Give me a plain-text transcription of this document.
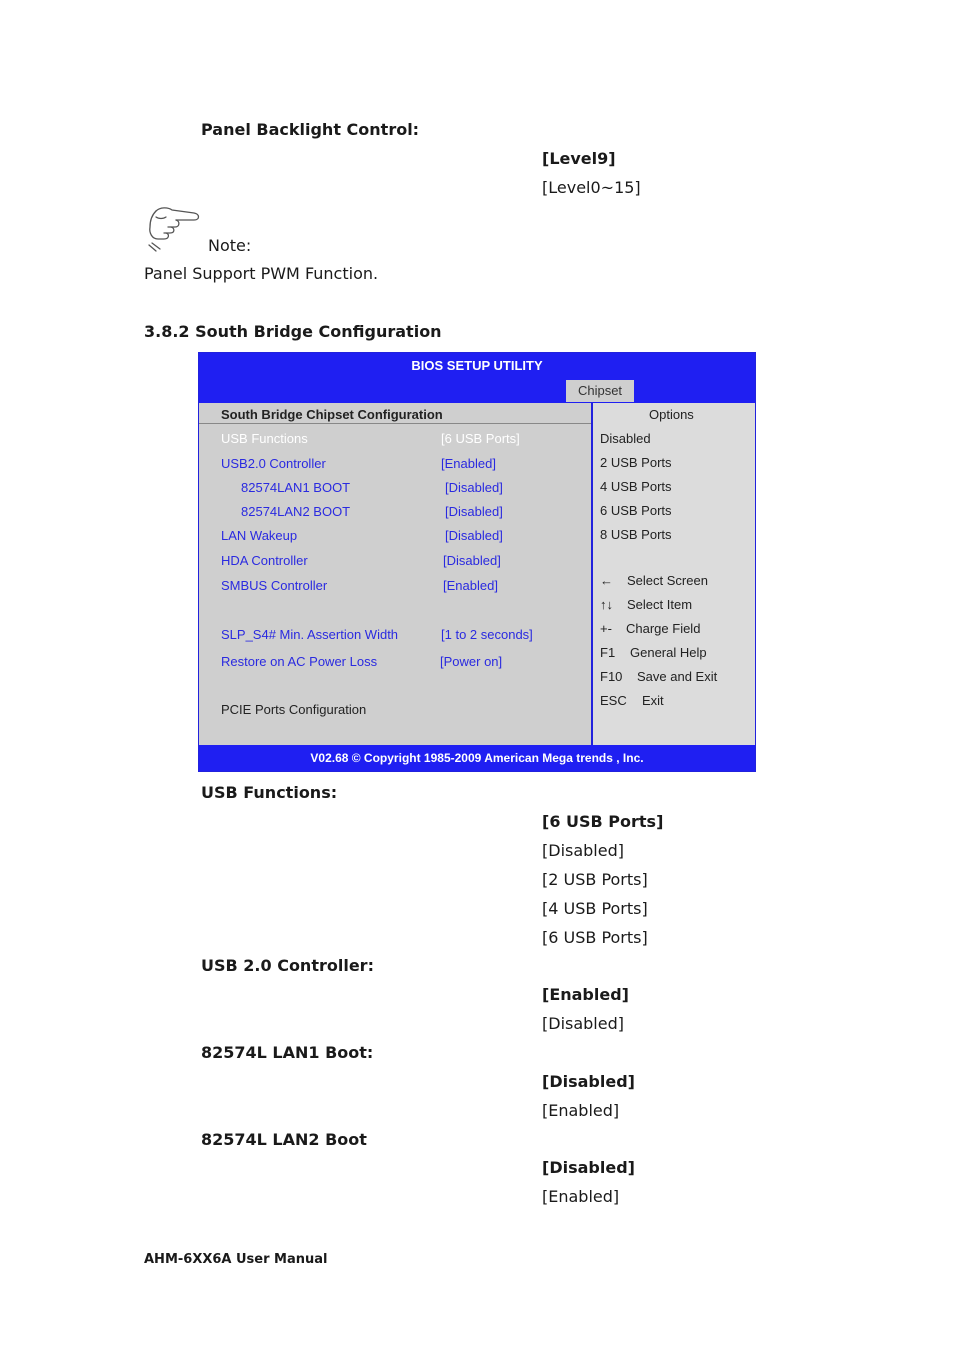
Panel Backlight Control:
[Level9]
[Level0~15]
Note:
Panel Support PWM Function.
3.8.2 South Bridge Configuration
BIOS SETUP UTILITY
Chipset
South Bridge Chipset Configuration
USB Functions	[6 USB Ports]
USB2.0 Controller	[Enabled]
82574LAN1 BOOT	[Disabled]
82574LAN2 BOOT	[Disabled]
LAN Wakeup	[Disabled]
HDA Controller	[Disabled]
SMBUS Controller	[Enabled]
SLP_S4# Min. Assertion Width	[1 to 2 seconds]
Restore on AC Power Loss	[Power on]
PCIE Ports Configuration
Options
Disabled
2 USB Ports
4 USB Ports
6 USB Ports
8 USB Ports
← Select Screen
↑↓ Select Item
+- Charge Field
F1 General Help
F10 Save and Exit
ESC Exit
V02.68 © Copyright 1985-2009 American Mega trends , Inc.
USB Functions:
[6 USB Ports]
[Disabled]
[2 USB Ports]
[4 USB Ports]
[6 USB Ports]
USB 2.0 Controller:
[Enabled]
[Disabled]
82574L LAN1 Boot:
[Disabled]
[Enabled]
82574L LAN2 Boot
[Disabled]
[Enabled]
AHM-6XX6A User Manual
